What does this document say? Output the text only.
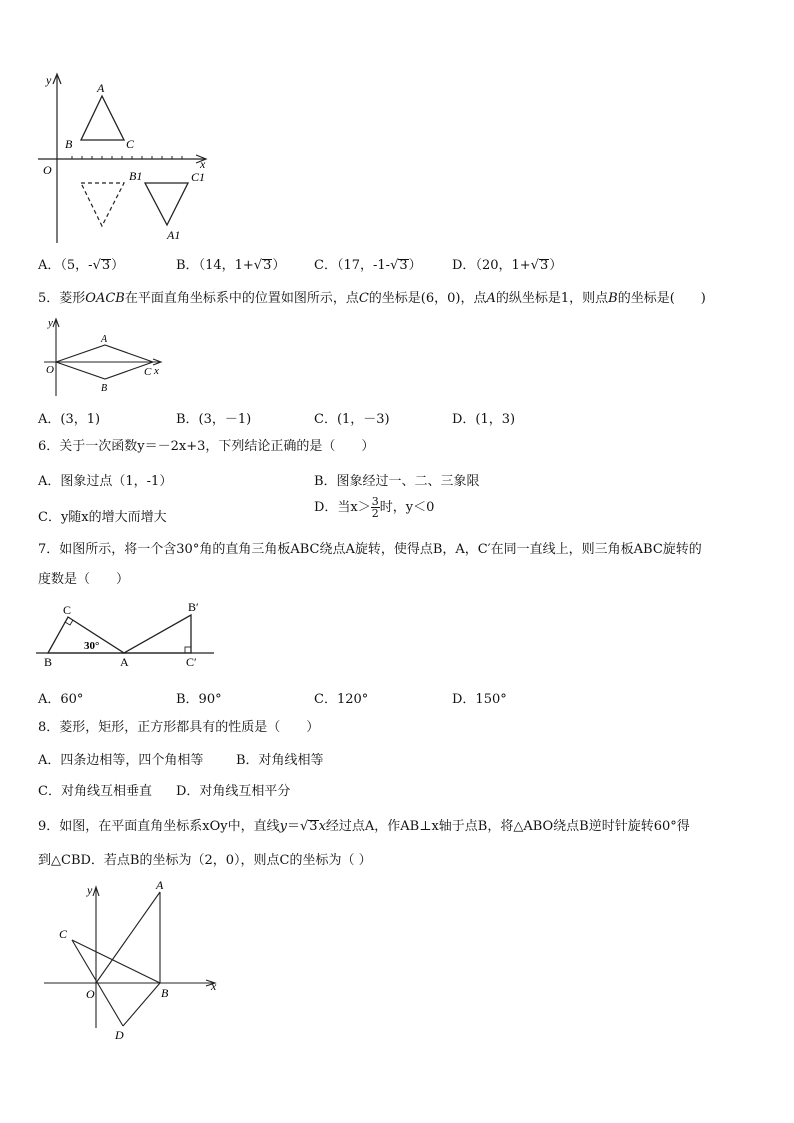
y
x
O
A
B	C
B1	C1
A1
A．（5，-√3）	B．（14，1+√3） C．（17，-1-√3） D．（20，1+√3）
5．菱形OACB在平面直角坐标系中的位置如图所示，点C的坐标是(6，0)，点A的纵坐标是1，则点B的坐标是(　　)
y
x
O
A
B
C
A．(3，1)	B．(3，－1)	C．(1，－3)	D．(1，3)
6．关于一次函数y＝－2x+3，下列结论正确的是（　　）
A．图象过点（1，-1）	B．图象经过一、二、三象限
C．y随x的增大而增大
D．当$x> \frac{3}{2}$ 时，y＜0
7．如图所示，将一个含30°角的直角三角板ABC绕点A旋转，使得点B，A，C′在同一直线上，则三角板ABC旋转的
度数是（　　）
C
B	A
B′
C′
30°
A．60°	B．90°	C．120°	D．150°
8．菱形，矩形，正方形都具有的性质是（　　）
A．四条边相等，四个角相等	B．对角线相等
C．对角线互相垂直 D．对角线互相平分
9．如图，在平面直角坐标系xOy中，直线y＝√3x经过点A，作AB⊥x轴于点B，将△ABO绕点B逆时针旋转60°得
到△CBD．若点B的坐标为（2，0），则点C的坐标为（ ）
y
x
O
A
B
C
D
